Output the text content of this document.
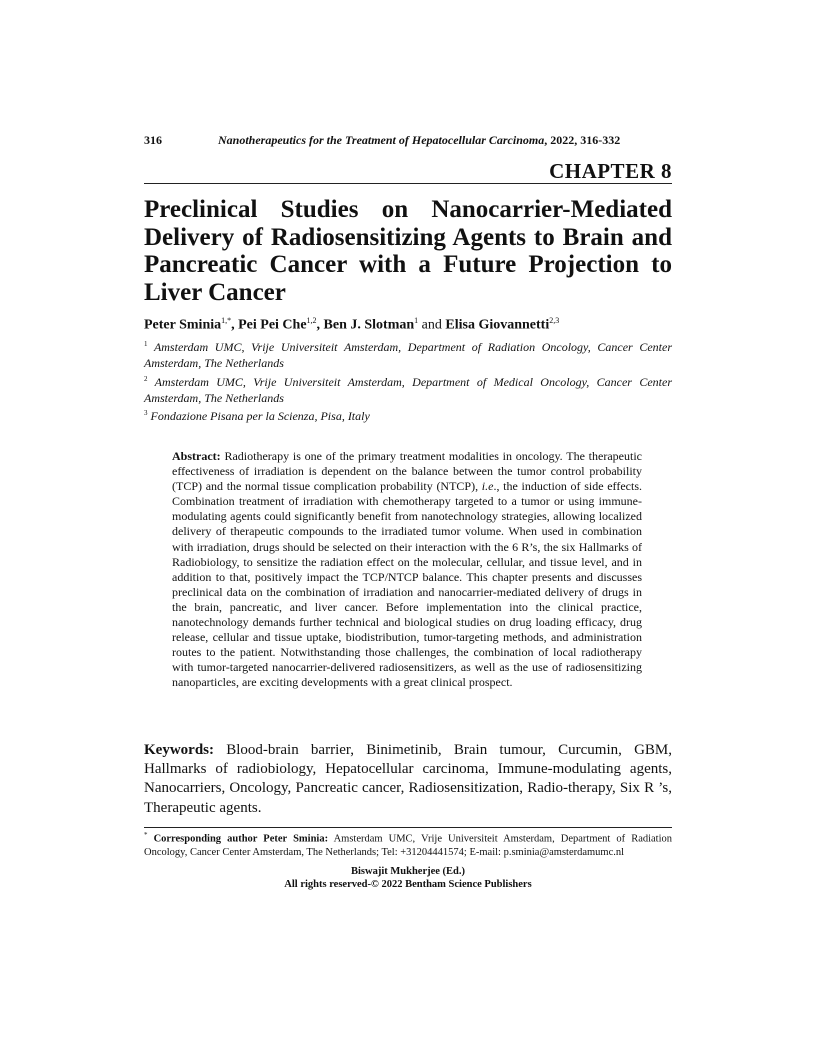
316	Nanotherapeutics for the Treatment of Hepatocellular Carcinoma, 2022, 316-332
CHAPTER 8
Preclinical Studies on Nanocarrier-Mediated Delivery of Radiosensitizing Agents to Brain and Pancreatic Cancer with a Future Projection to Liver Cancer
Peter Sminia$^{1,*}$, Pei Pei Che$^{1,2}$, Ben J. Slotman$^1$ and Elisa Giovannetti$^{2,3}$
$^1$ Amsterdam UMC, Vrije Universiteit Amsterdam, Department of Radiation Oncology, Cancer Center Amsterdam, The Netherlands
$^2$ Amsterdam UMC, Vrije Universiteit Amsterdam, Department of Medical Oncology, Cancer Center Amsterdam, The Netherlands
$^3$ Fondazione Pisana per la Scienza, Pisa, Italy
Abstract: Radiotherapy is one of the primary treatment modalities in oncology. The therapeutic effectiveness of irradiation is dependent on the balance between the tumor control probability (TCP) and the normal tissue complication probability (NTCP), i.e., the induction of side effects. Combination treatment of irradiation with chemotherapy targeted to a tumor or using immune-modulating agents could significantly benefit from nanotechnology strategies, allowing localized delivery of therapeutic compounds to the irradiated tumor volume. When used in combination with irradiation, drugs should be selected on their interaction with the 6 R’s, the six Hallmarks of Radiobiology, to sensitize the radiation effect on the molecular, cellular, and tissue level, and in addition to that, positively impact the TCP/NTCP balance. This chapter presents and discusses preclinical data on the combination of irradiation and nanocarrier-mediated delivery of drugs in the brain, pancreatic, and liver cancer. Before implementation into the clinical practice, nanotechnology demands further technical and biological studies on drug loading efficacy, drug release, cellular and tissue uptake, biodistribution, tumor-targeting methods, and administration routes to the patient. Notwithstanding those challenges, the combination of local radiotherapy with tumor-targeted nanocarrier-delivered radiosensitizers, as well as the use of radiosensitizing nanoparticles, are exciting developments with a great clinical prospect.
Keywords: Blood-brain barrier, Binimetinib, Brain tumour, Curcumin, GBM, Hallmarks of radiobiology, Hepatocellular carcinoma, Immune-modulating agents, Nanocarriers, Oncology, Pancreatic cancer, Radiosensitization, Radio-therapy, Six R ’s, Therapeutic agents.
* Corresponding author Peter Sminia: Amsterdam UMC, Vrije Universiteit Amsterdam, Department of Radiation Oncology, Cancer Center Amsterdam, The Netherlands; Tel: +31204441574; E-mail: p.sminia@amsterdamumc.nl
Biswajit Mukherjee (Ed.)
All rights reserved-© 2022 Bentham Science Publishers
